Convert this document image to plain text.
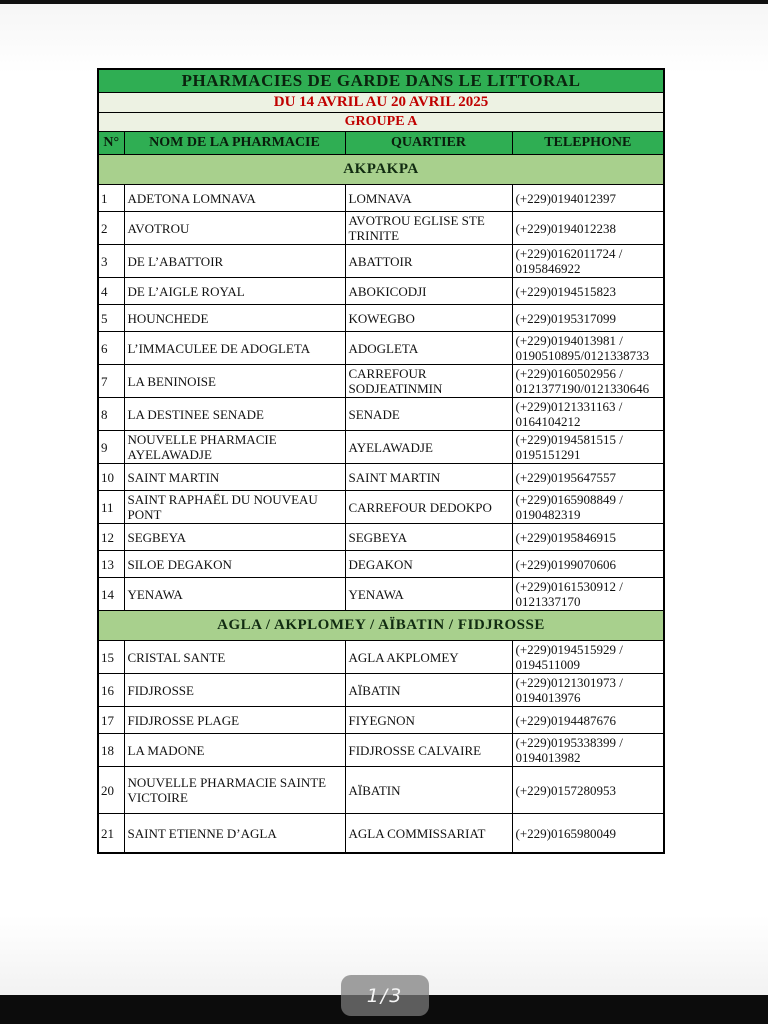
PHARMACIES DE GARDE DANS LE LITTORAL			
DU 14 AVRIL AU 20 AVRIL 2025			
GROUPE A			
N°	NOM DE LA PHARMACIE	QUARTIER	TELEPHONE
AKPAKPA			
1	ADETONA LOMNAVA	LOMNAVA	(+229)0194012397
2	AVOTROU	AVOTROU EGLISE STE TRINITE	(+229)0194012238
3	DE L’ABATTOIR	ABATTOIR	(+229)0162011724 / 0195846922
4	DE L’AIGLE ROYAL	ABOKICODJI	(+229)0194515823
5	HOUNCHEDE	KOWEGBO	(+229)0195317099
6	L’IMMACULEE DE ADOGLETA	ADOGLETA	(+229)0194013981 / 0190510895/0121338733
7	LA BENINOISE	CARREFOUR SODJEATINMIN	(+229)0160502956 / 0121377190/0121330646
8	LA DESTINEE SENADE	SENADE	(+229)0121331163 / 0164104212
9	NOUVELLE PHARMACIE AYELAWADJE	AYELAWADJE	(+229)0194581515 / 0195151291
10	SAINT MARTIN	SAINT MARTIN	(+229)0195647557
11	SAINT RAPHAËL DU NOUVEAU PONT	CARREFOUR DEDOKPO	(+229)0165908849 / 0190482319
12	SEGBEYA	SEGBEYA	(+229)0195846915
13	SILOE DEGAKON	DEGAKON	(+229)0199070606
14	YENAWA	YENAWA	(+229)0161530912 / 0121337170
AGLA / AKPLOMEY / AÏBATIN / FIDJROSSE			
15	CRISTAL SANTE	AGLA AKPLOMEY	(+229)0194515929 / 0194511009
16	FIDJROSSE	AÏBATIN	(+229)0121301973 / 0194013976
17	FIDJROSSE PLAGE	FIYEGNON	(+229)0194487676
18	LA MADONE	FIDJROSSE CALVAIRE	(+229)0195338399 / 0194013982
20	NOUVELLE PHARMACIE SAINTE VICTOIRE	AÏBATIN	(+229)0157280953
21	SAINT ETIENNE D’AGLA	AGLA COMMISSARIAT	(+229)0165980049
1/3
